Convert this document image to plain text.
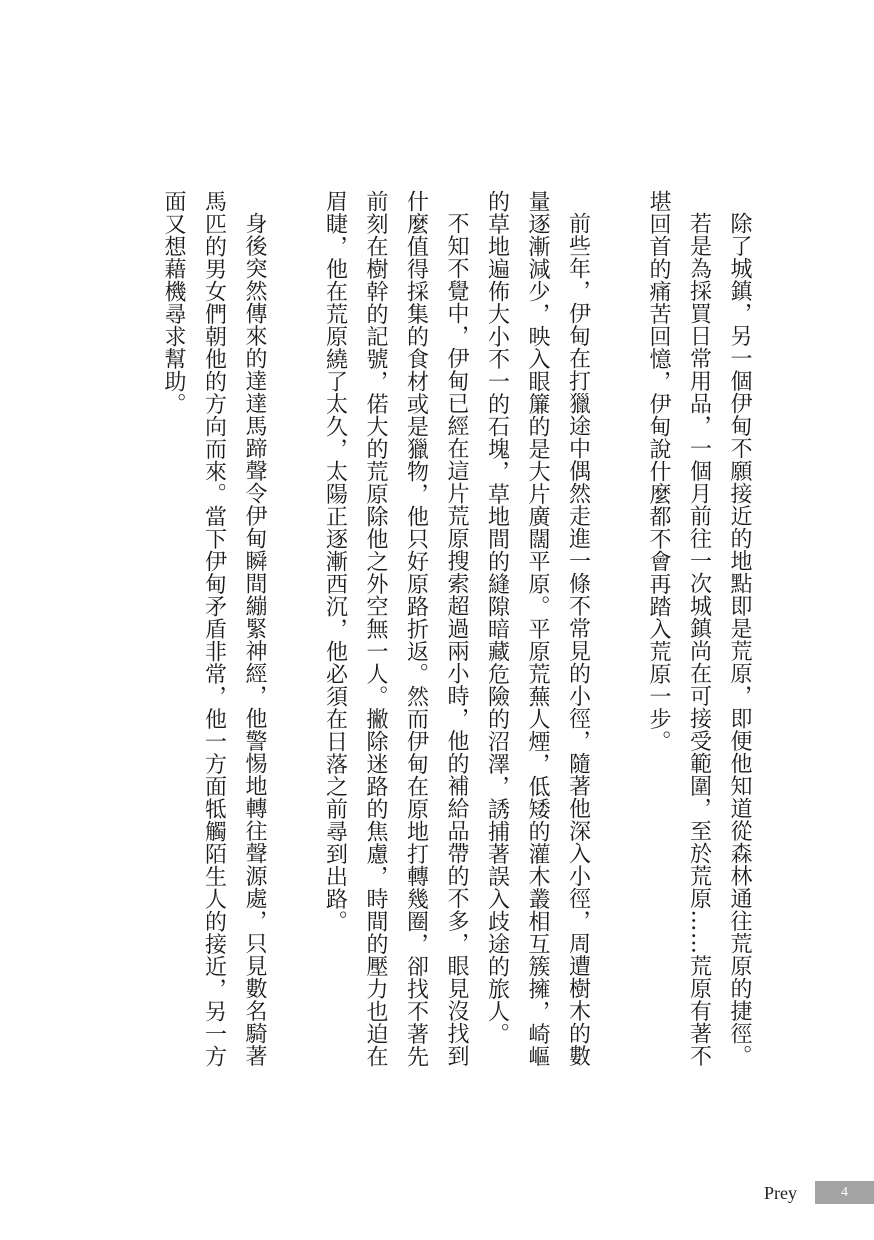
除了城鎮，另一個伊甸不願接近的地點即是荒原，即便他知道從森林通往荒原的捷徑。

若是為採買日常用品，一個月前往一次城鎮尚在可接受範圍，至於荒原……荒原有著不堪回首的痛苦回憶，伊甸說什麼都不會再踏入荒原一步。

前些年，伊甸在打獵途中偶然走進一條不常見的小徑，隨著他深入小徑，周遭樹木的數量逐漸減少，映入眼簾的是大片廣闊平原。平原荒蕪人煙，低矮的灌木叢相互簇擁，崎嶇的草地遍佈大小不一的石塊，草地間的縫隙暗藏危險的沼澤，誘捕著誤入歧途的旅人。

不知不覺中，伊甸已經在這片荒原搜索超過兩小時，他的補給品帶的不多，眼見沒找到什麼值得採集的食材或是獵物，他只好原路折返。然而伊甸在原地打轉幾圈，卻找不著先前刻在樹幹的記號，偌大的荒原除他之外空無一人。撇除迷路的焦慮，時間的壓力也迫在眉睫，他在荒原繞了太久，太陽正逐漸西沉，他必須在日落之前尋到出路。

身後突然傳來的達達馬蹄聲令伊甸瞬間繃緊神經，他警惕地轉往聲源處，只見數名騎著馬匹的男女們朝他的方向而來。當下伊甸矛盾非常，他一方面牴觸陌生人的接近，另一方面又想藉機尋求幫助。

Prey	4
